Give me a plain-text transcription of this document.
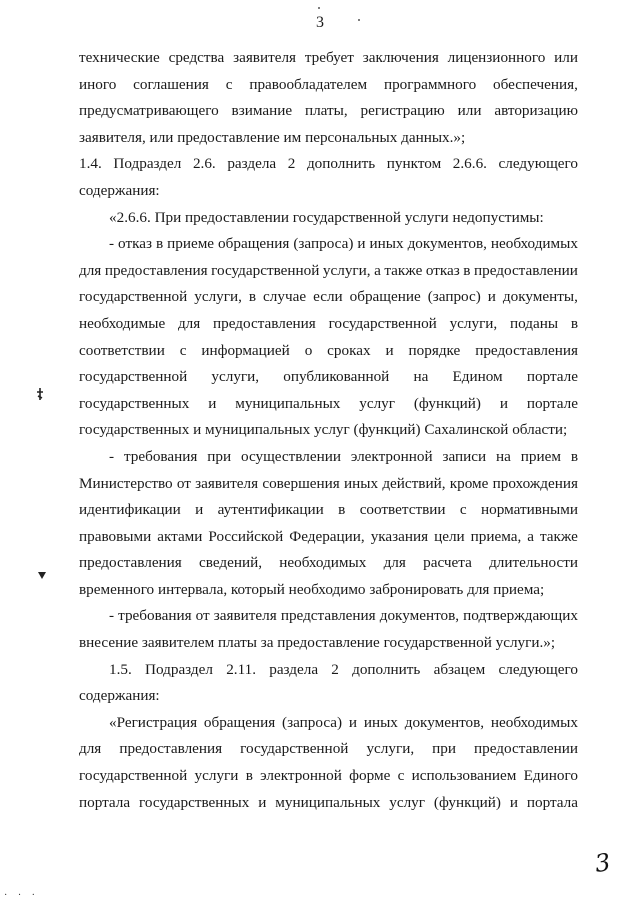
3
технические средства заявителя требует заключения лицензионного или
иного соглашения с правообладателем программного обеспечения,
предусматривающего взимание платы, регистрацию или авторизацию
заявителя, или предоставление им персональных данных.»;
1.4. Подраздел 2.6. раздела 2 дополнить пунктом 2.6.6. следующего
содержания:
«2.6.6. При предоставлении государственной услуги недопустимы:
- отказ в приеме обращения (запроса) и иных документов, необходимых
для предоставления государственной услуги, а также отказ в предоставлении
государственной услуги, в случае если обращение (запрос) и документы,
необходимые для предоставления государственной услуги, поданы в
соответствии с информацией о сроках и порядке предоставления
государственной услуги, опубликованной на Едином портале
государственных и муниципальных услуг (функций) и портале
государственных и муниципальных услуг (функций) Сахалинской области;
- требования при осуществлении электронной записи на прием в
Министерство от заявителя совершения иных действий, кроме прохождения
идентификации и аутентификации в соответствии с нормативными
правовыми актами Российской Федерации, указания цели приема, а также
предоставления сведений, необходимых для расчета длительности
временного интервала, который необходимо забронировать для приема;
- требования от заявителя представления документов, подтверждающих
внесение заявителем платы за предоставление государственной услуги.»;
1.5. Подраздел 2.11. раздела 2 дополнить абзацем следующего
содержания:
«Регистрация обращения (запроса) и иных документов, необходимых
для предоставления государственной услуги, при предоставлении
государственной услуги в электронной форме с использованием Единого
портала государственных и муниципальных услуг (функций) и портала
3
· · ·
